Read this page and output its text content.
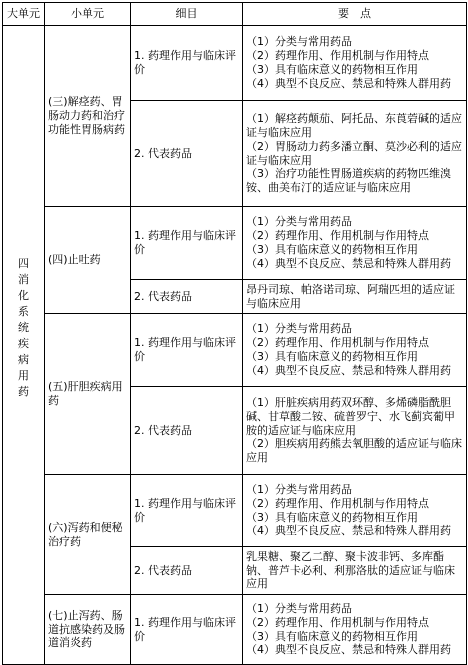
大单元	小单元	细目	要　点

四消化系统疾病用药	(三)解痉药、胃肠动力药和治疗功能性胃肠病药	1. 药理作用与临床评价	（1）分类与常用药品
（2）药理作用、作用机制与作用特点
（3）具有临床意义的药物相互作用
（4）典型不良反应、禁忌和特殊人群用药

		2. 代表药品	（1）解痉药颠茄、阿托品、东莨菪碱的适应证与临床应用
（2）胃肠动力药多潘立酮、莫沙必利的适应证与临床应用
（3）治疗功能性胃肠道疾病的药物匹维溴铵、曲美布汀的适应证与临床应用

	(四)止吐药	1. 药理作用与临床评价	（1）分类与常用药品
（2）药理作用、作用机制与作用特点
（3）具有临床意义的药物相互作用
（4）典型不良反应、禁忌和特殊人群用药

		2. 代表药品	昂丹司琼、帕洛诺司琼、阿瑞匹坦的适应证与临床应用

	(五)肝胆疾病用药	1. 药理作用与临床评价	（1）分类与常用药品
（2）药理作用、作用机制与作用特点
（3）具有临床意义的药物相互作用
（4）典型不良反应、禁忌和特殊人群用药

		2. 代表药品	（1）肝脏疾病用药双环醇、多烯磷脂酰胆碱、甘草酸二铵、硫普罗宁、水飞蓟宾葡甲胺的适应证与临床应用
（2）胆疾病用药熊去氧胆酸的适应证与临床应用

	(六)泻药和便秘治疗药	1. 药理作用与临床评价	（1）分类与常用药品
（2）药理作用、作用机制与作用特点
（3）具有临床意义的药物相互作用
（4）典型不良反应、禁忌和特殊人群用药

		2. 代表药品	乳果糖、聚乙二醇、聚卡波非钙、多库酯钠、普芦卡必利、利那洛肽的适应证与临床应用

	(七)止泻药、肠道抗感染药及肠道消炎药	1. 药理作用与临床评价	（1）分类与常用药品
（2）药理作用、作用机制与作用特点
（3）具有临床意义的药物相互作用
（4）典型不良反应、禁忌和特殊人群用药
